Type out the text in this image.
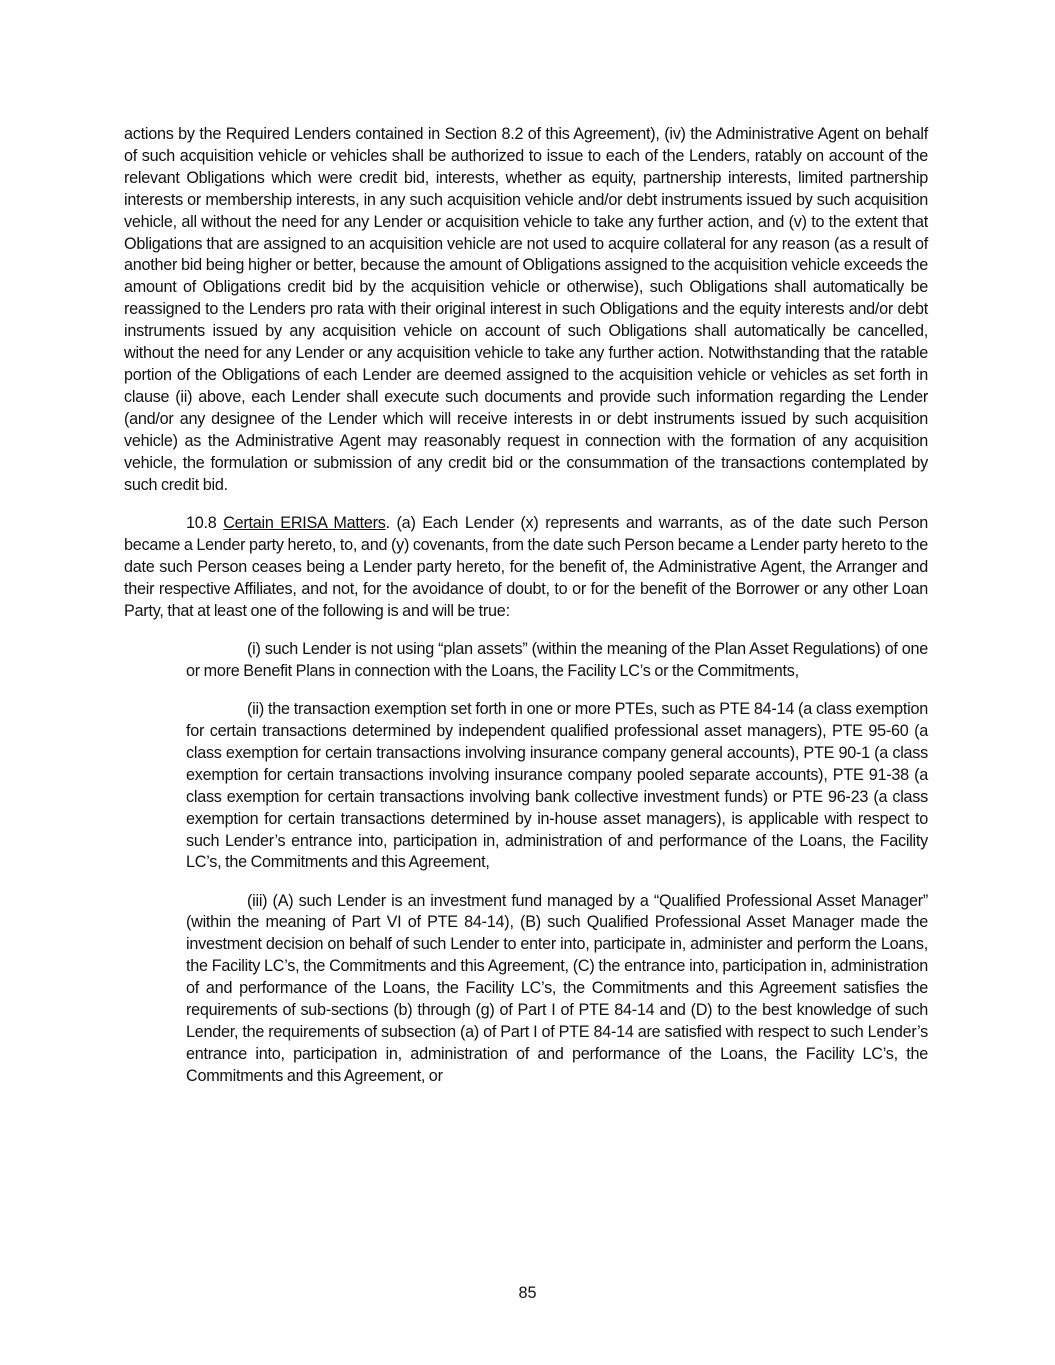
actions by the Required Lenders contained in Section 8.2 of this Agreement), (iv) the Administrative Agent on behalf of such acquisition vehicle or vehicles shall be authorized to issue to each of the Lenders, ratably on account of the relevant Obligations which were credit bid, interests, whether as equity, partnership interests, limited partnership interests or membership interests, in any such acquisition vehicle and/or debt instruments issued by such acquisition vehicle, all without the need for any Lender or acquisition vehicle to take any further action, and (v) to the extent that Obligations that are assigned to an acquisition vehicle are not used to acquire collateral for any reason (as a result of another bid being higher or better, because the amount of Obligations assigned to the acquisition vehicle exceeds the amount of Obligations credit bid by the acquisition vehicle or otherwise), such Obligations shall automatically be reassigned to the Lenders pro rata with their original interest in such Obligations and the equity interests and/or debt instruments issued by any acquisition vehicle on account of such Obligations shall automatically be cancelled, without the need for any Lender or any acquisition vehicle to take any further action. Notwithstanding that the ratable portion of the Obligations of each Lender are deemed assigned to the acquisition vehicle or vehicles as set forth in clause (ii) above, each Lender shall execute such documents and provide such information regarding the Lender (and/or any designee of the Lender which will receive interests in or debt instruments issued by such acquisition vehicle) as the Administrative Agent may reasonably request in connection with the formation of any acquisition vehicle, the formulation or submission of any credit bid or the consummation of the transactions contemplated by such credit bid.

10.8 Certain ERISA Matters. (a) Each Lender (x) represents and warrants, as of the date such Person became a Lender party hereto, to, and (y) covenants, from the date such Person became a Lender party hereto to the date such Person ceases being a Lender party hereto, for the benefit of, the Administrative Agent, the Arranger and their respective Affiliates, and not, for the avoidance of doubt, to or for the benefit of the Borrower or any other Loan Party, that at least one of the following is and will be true:

(i) such Lender is not using “plan assets” (within the meaning of the Plan Asset Regulations) of one or more Benefit Plans in connection with the Loans, the Facility LC’s or the Commitments,

(ii) the transaction exemption set forth in one or more PTEs, such as PTE 84-14 (a class exemption for certain transactions determined by independent qualified professional asset managers), PTE 95-60 (a class exemption for certain transactions involving insurance company general accounts), PTE 90-1 (a class exemption for certain transactions involving insurance company pooled separate accounts), PTE 91-38 (a class exemption for certain transactions involving bank collective investment funds) or PTE 96-23 (a class exemption for certain transactions determined by in-house asset managers), is applicable with respect to such Lender’s entrance into, participation in, administration of and performance of the Loans, the Facility LC’s, the Commitments and this Agreement,

(iii) (A) such Lender is an investment fund managed by a “Qualified Professional Asset Manager” (within the meaning of Part VI of PTE 84-14), (B) such Qualified Professional Asset Manager made the investment decision on behalf of such Lender to enter into, participate in, administer and perform the Loans, the Facility LC’s, the Commitments and this Agreement, (C) the entrance into, participation in, administration of and performance of the Loans, the Facility LC’s, the Commitments and this Agreement satisfies the requirements of sub-sections (b) through (g) of Part I of PTE 84-14 and (D) to the best knowledge of such Lender, the requirements of subsection (a) of Part I of PTE 84-14 are satisfied with respect to such Lender’s entrance into, participation in, administration of and performance of the Loans, the Facility LC’s, the Commitments and this Agreement, or

85
